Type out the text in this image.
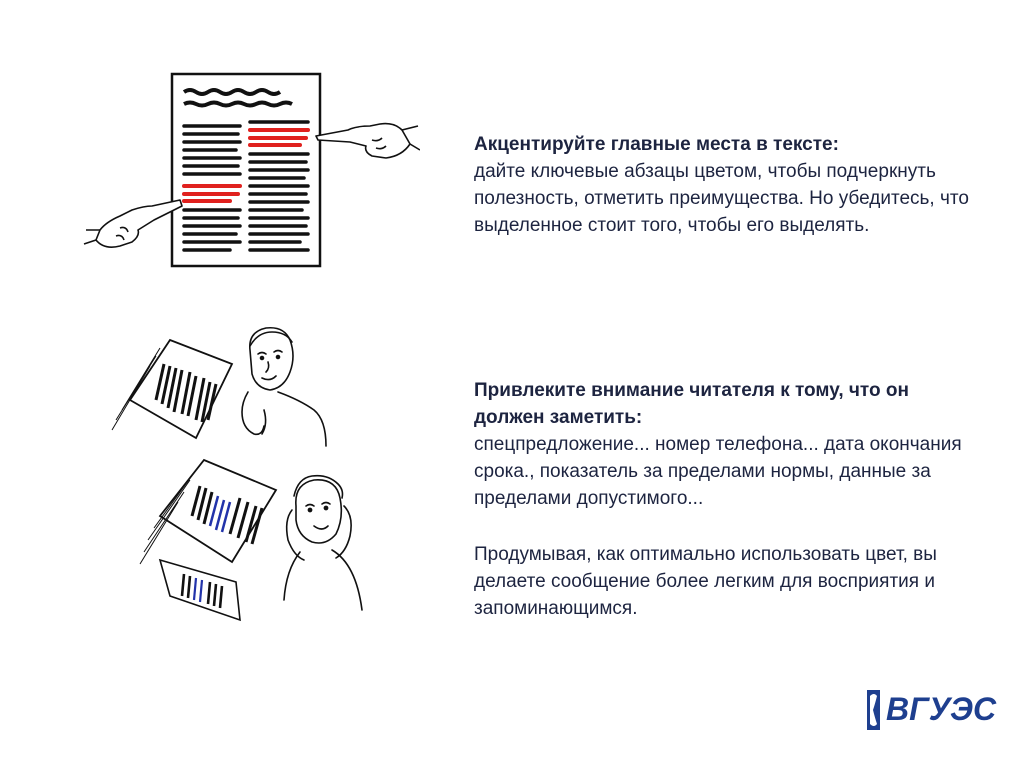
Акцентируйте главные места в тексте:
дайте ключевые абзацы цветом, чтобы подчеркнуть полезность, отметить преимущества. Но убедитесь, что выделенное стоит того, чтобы его выделять.
Привлеките внимание читателя к тому, что он должен заметить:
спецпредложение... номер телефона... дата окончания срока., показатель за пределами нормы, данные за пределами допустимого...
Продумывая, как оптимально использовать цвет, вы делаете сообщение более легким для восприятия и запоминающимся.
ВГУЭС
